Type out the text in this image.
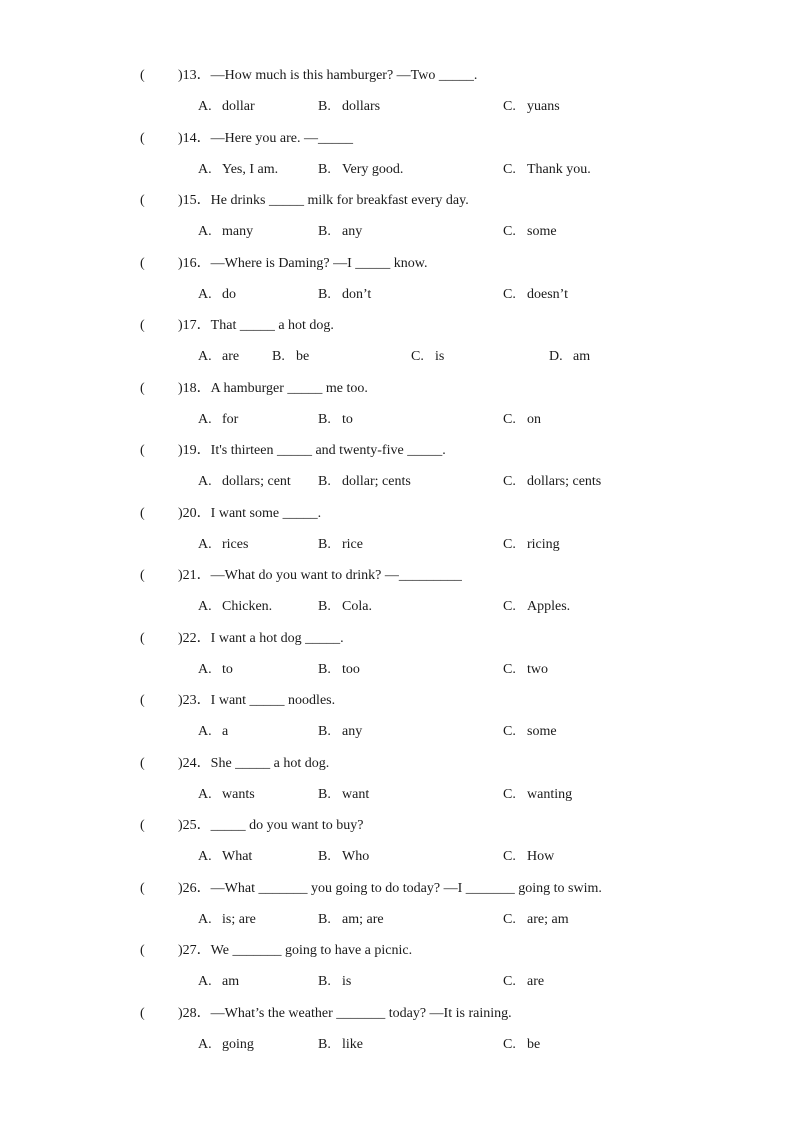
( )13．—How much is this hamburger? —Two _____.
A. dollar	B. dollars	C. yuans
( )14．—Here you are. —_____
A. Yes, I am.	B. Very good.	C. Thank you.
( )15．He drinks _____ milk for breakfast every day.
A. many	B. any	C. some
( )16．—Where is Daming? —I _____ know.
A. do	B. don’t	C. doesn’t
( )17．That _____ a hot dog.
A. are B. be	C. is	D. am
( )18．A hamburger _____ me too.
A. for	B. to	C. on
( )19．It's thirteen _____ and twenty-five _____.
A. dollars; cent B. dollar; cents	C. dollars; cents
( )20．I want some _____.
A. rices	B. rice	C. ricing
( )21．—What do you want to drink? —_________
A. Chicken.	B. Cola.	C. Apples.
( )22．I want a hot dog _____.
A. to	B. too	C. two
( )23．I want _____ noodles.
A. a	B. any	C. some
( )24．She _____ a hot dog.
A. wants	B. want	C. wanting
( )25．_____ do you want to buy?
A. What	B. Who	C. How
( )26．—What _______ you going to do today? —I _______ going to swim.
A. is; are	B. am; are	C. are; am
( )27．We _______ going to have a picnic.
A. am	B. is	C. are
( )28．—What’s the weather _______ today? —It is raining.
A. going	B. like	C. be
